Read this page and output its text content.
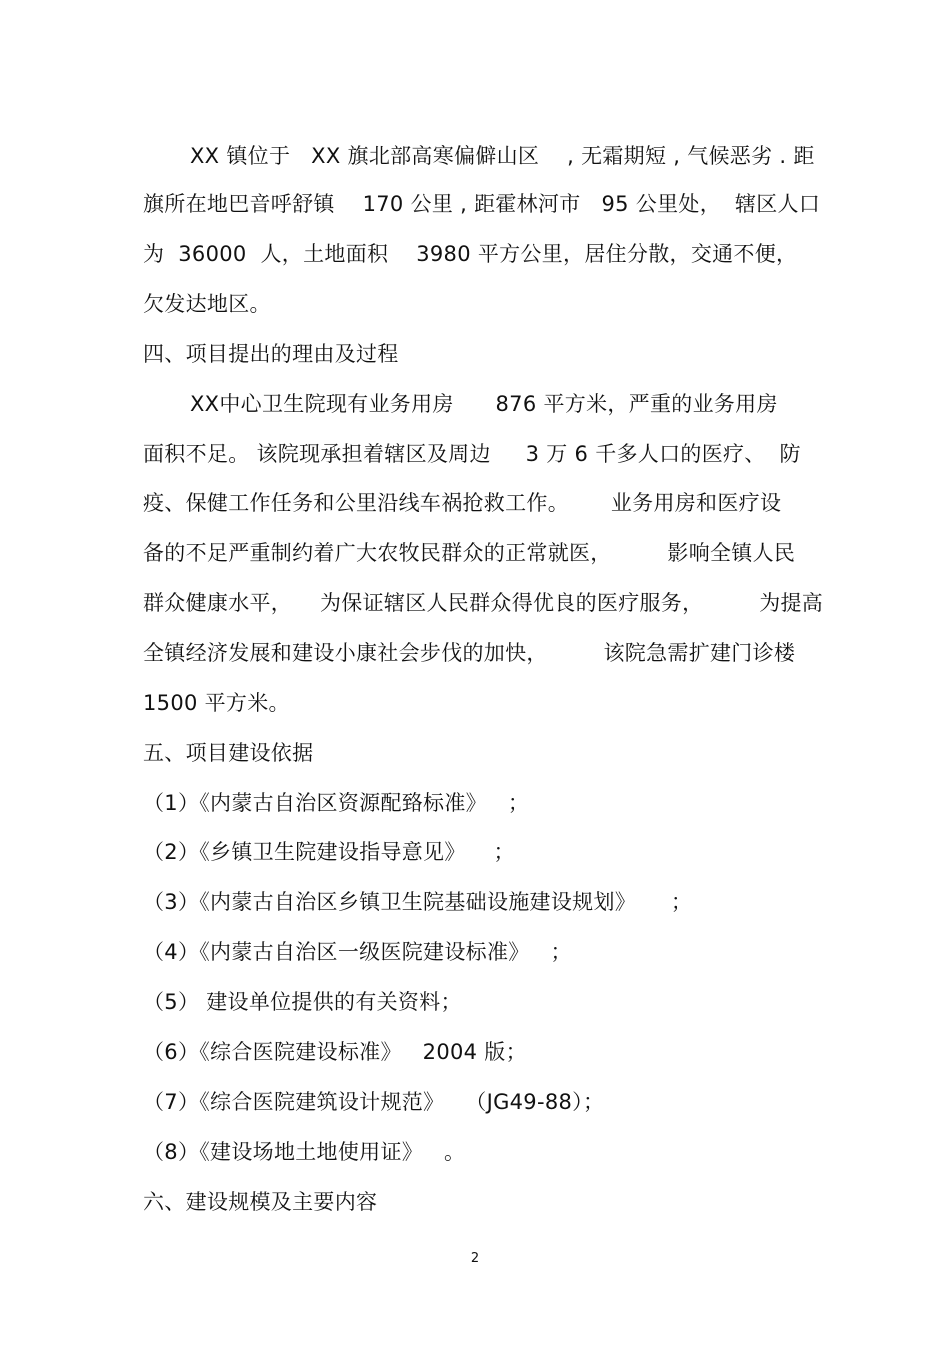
XX 镇位于   XX 旗北部高寒偏僻山区    , 无霜期短 , 气候恶劣 . 距
旗所在地巴音呼舒镇    170 公里 , 距霍林河市   95 公里处，  辖区人口
为  36000  人，土地面积    3980 平方公里，居住分散，交通不便，
欠发达地区。
四、项目提出的理由及过程
XX中心卫生院现有业务用房      876 平方米，严重的业务用房
面积不足。 该院现承担着辖区及周边     3 万 6 千多人口的医疗、  防
疫、保健工作任务和公里沿线车祸抢救工作。      业务用房和医疗设
备的不足严重制约着广大农牧民群众的正常就医，        影响全镇人民
群众健康水平，    为保证辖区人民群众得优良的医疗服务，        为提高
全镇经济发展和建设小康社会步伐的加快，        该院急需扩建门诊楼
1500 平方米。
五、项目建设依据
（1）《内蒙古自治区资源配臵标准》   ；
（2）《乡镇卫生院建设指导意见》    ；
（3）《内蒙古自治区乡镇卫生院基础设施建设规划》     ；
（4）《内蒙古自治区一级医院建设标准》   ；
（5） 建设单位提供的有关资料；
（6）《综合医院建设标准》   2004 版；
（7）《综合医院建筑设计规范》   （JG49-88）；
（8）《建设场地土地使用证》   。
六、建设规模及主要内容
2
